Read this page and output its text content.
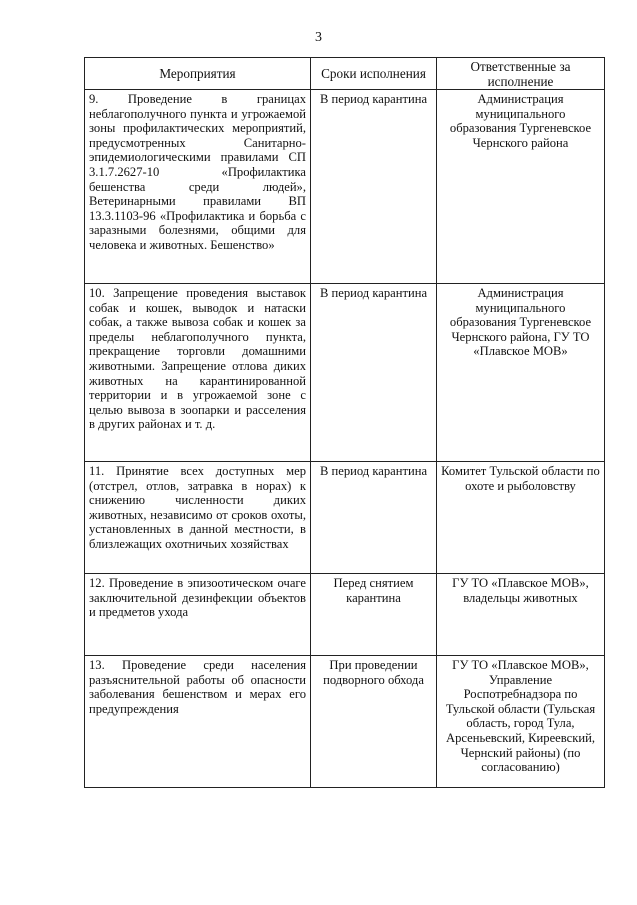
3
Мероприятия	Сроки исполнения	Ответственные за исполнение
9. Проведение в границах неблагополучного пункта и угрожаемой зоны профилактических мероприятий, предусмотренных Санитарно-эпидемиологическими правилами СП 3.1.7.2627-10 «Профилактика бешенства среди людей», Ветеринарными правилами ВП 13.3.1103-96 «Профилактика и борьба с заразными болезнями, общими для человека и животных. Бешенство»	В период карантина	Администрация муниципального образования Тургеневское Чернского района
10. Запрещение проведения выставок собак и кошек, выводок и натаски собак, а также вывоза собак и кошек за пределы неблагополучного пункта, прекращение торговли домашними животными. Запрещение отлова диких животных на карантинированной территории и в угрожаемой зоне с целью вывоза в зоопарки и расселения в других районах и т. д.	В период карантина	Администрация муниципального образования Тургеневское Чернского района, ГУ ТО «Плавское МОВ»
11. Принятие всех доступных мер (отстрел, отлов, затравка в норах) к снижению численности диких животных, независимо от сроков охоты, установленных в данной местности, в близлежащих охотничьих хозяйствах	В период карантина	Комитет Тульской области по охоте и рыболовству
12. Проведение в эпизоотическом очаге заключительной дезинфекции объектов и предметов ухода	Перед снятием карантина	ГУ ТО «Плавское МОВ», владельцы животных
13. Проведение среди населения разъяснительной работы об опасности заболевания бешенством и мерах его предупреждения	При проведении подворного обхода	ГУ ТО «Плавское МОВ», Управление Роспотребнадзора по Тульской области (Тульская область, город Тула, Арсеньевский, Киреевский, Чернский районы) (по согласованию)
